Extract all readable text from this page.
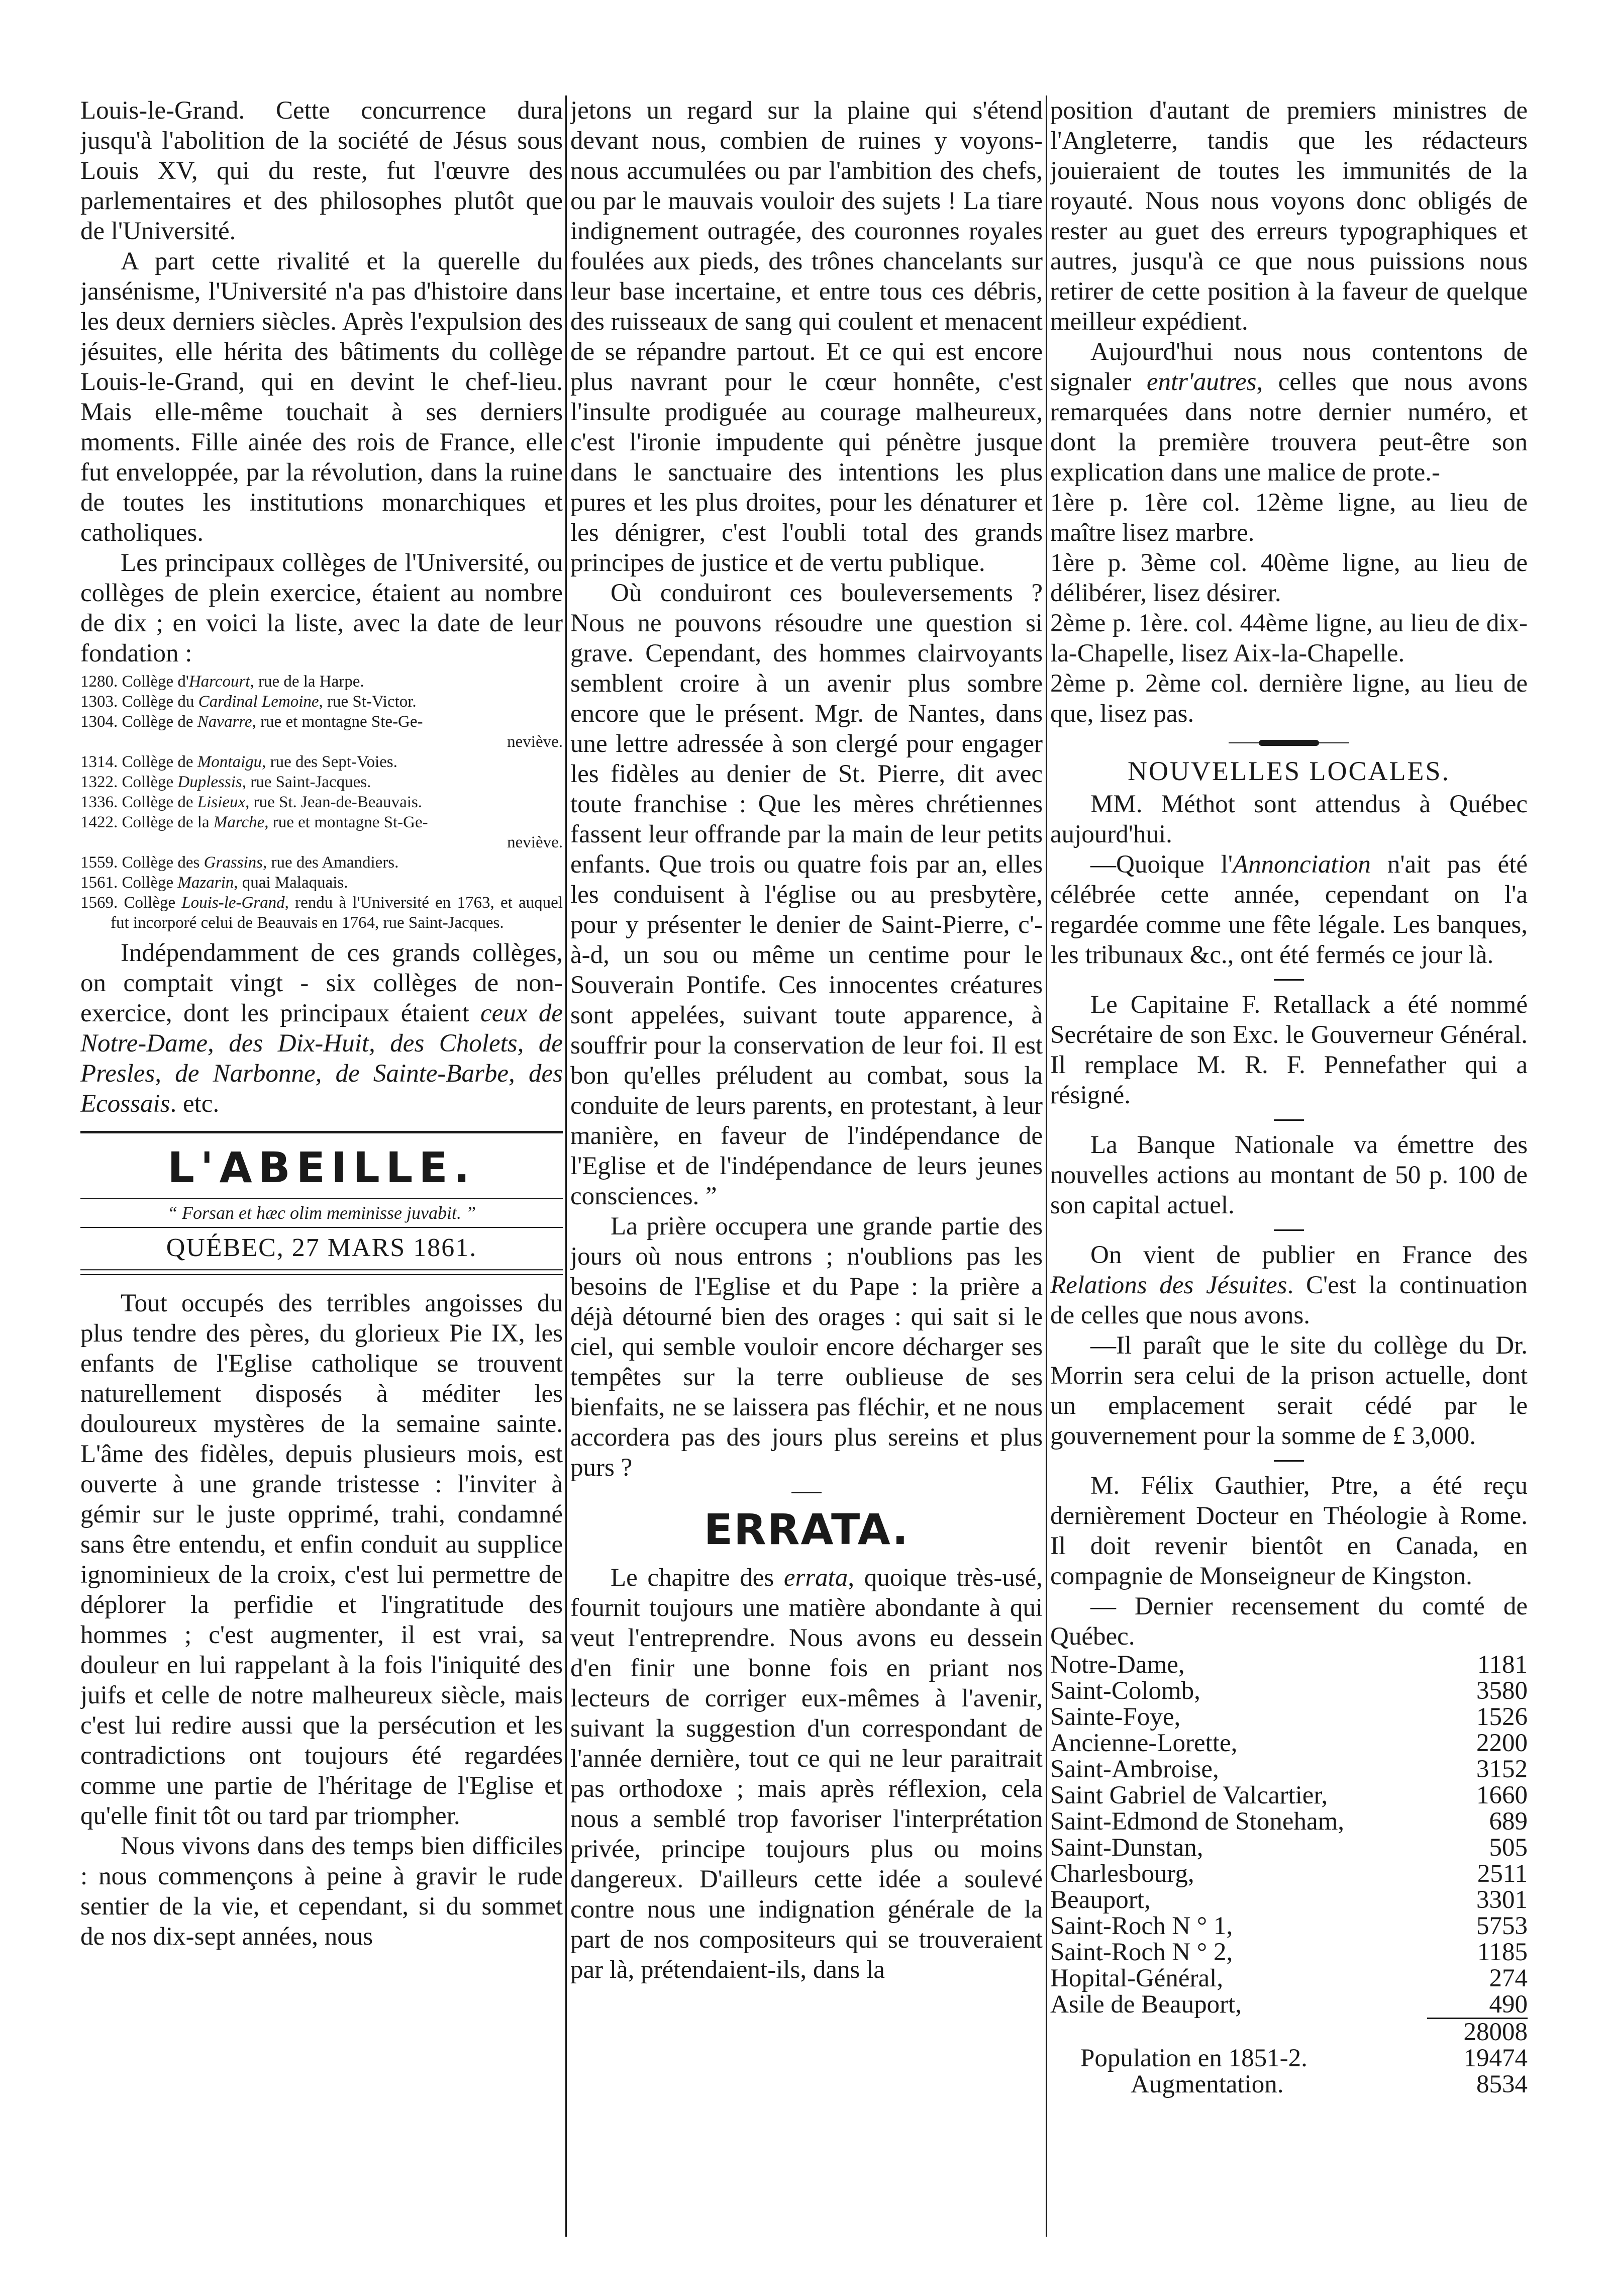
Louis-le-Grand. Cette concurrence dura jusqu'à l'abolition de la société de Jésus sous Louis XV, qui du reste, fut l'œuvre des parlementaires et des philosophes plutôt que de l'Université.

A part cette rivalité et la querelle du jansénisme, l'Université n'a pas d'histoire dans les deux derniers siècles. Après l'expulsion des jésuites, elle hérita des bâtiments du collège Louis-le-Grand, qui en devint le chef-lieu. Mais elle-même touchait à ses derniers moments. Fille ainée des rois de France, elle fut enveloppée, par la révolution, dans la ruine de toutes les institutions monarchiques et catholiques.

Les principaux collèges de l'Université, ou collèges de plein exercice, étaient au nombre de dix ; en voici la liste, avec la date de leur fondation :

1280. Collège d'Harcourt, rue de la Harpe.
1303. Collège du Cardinal Lemoine, rue St-Victor.
1304. Collège de Navarre, rue et montagne Ste-Ge-
neviève.
1314. Collège de Montaigu, rue des Sept-Voies.
1322. Collège Duplessis, rue Saint-Jacques.
1336. Collège de Lisieux, rue St. Jean-de-Beauvais.
1422. Collège de la Marche, rue et montagne St-Ge-
neviève.
1559. Collège des Grassins, rue des Amandiers.
1561. Collège Mazarin, quai Malaquais.
1569. Collège Louis-le-Grand, rendu à l'Université en 1763, et auquel fut incorporé celui de Beauvais en 1764, rue Saint-Jacques.

Indépendamment de ces grands collèges, on comptait vingt - six collèges de non-exercice, dont les principaux étaient ceux de Notre-Dame, des Dix-Huit, des Cholets, de Presles, de Narbonne, de Sainte-Barbe, des Ecossais. etc.

L'ABEILLE.
“ Forsan et hæc olim meminisse juvabit. ”
QUÉBEC, 27 MARS 1861.

Tout occupés des terribles angoisses du plus tendre des pères, du glorieux Pie IX, les enfants de l'Eglise catholique se trouvent naturellement disposés à méditer les douloureux mystères de la semaine sainte. L'âme des fidèles, depuis plusieurs mois, est ouverte à une grande tristesse : l'inviter à gémir sur le juste opprimé, trahi, condamné sans être entendu, et enfin conduit au supplice ignominieux de la croix, c'est lui permettre de déplorer la perfidie et l'ingratitude des hommes ; c'est augmenter, il est vrai, sa douleur en lui rappelant à la fois l'iniquité des juifs et celle de notre malheureux siècle, mais c'est lui redire aussi que la persécution et les contradictions ont toujours été regardées comme une partie de l'héritage de l'Eglise et qu'elle finit tôt ou tard par triompher.

Nous vivons dans des temps bien difficiles : nous commençons à peine à gravir le rude sentier de la vie, et cependant, si du sommet de nos dix-sept années, nous

jetons un regard sur la plaine qui s'étend devant nous, combien de ruines y voyons-nous accumulées ou par l'ambition des chefs, ou par le mauvais vouloir des sujets ! La tiare indignement outragée, des couronnes royales foulées aux pieds, des trônes chancelants sur leur base incertaine, et entre tous ces débris, des ruisseaux de sang qui coulent et menacent de se répandre partout. Et ce qui est encore plus navrant pour le cœur honnête, c'est l'insulte prodiguée au courage malheureux, c'est l'ironie impudente qui pénètre jusque dans le sanctuaire des intentions les plus pures et les plus droites, pour les dénaturer et les dénigrer, c'est l'oubli total des grands principes de justice et de vertu publique.

Où conduiront ces bouleversements ? Nous ne pouvons résoudre une question si grave. Cependant, des hommes clairvoyants semblent croire à un avenir plus sombre encore que le présent. Mgr. de Nantes, dans une lettre adressée à son clergé pour engager les fidèles au denier de St. Pierre, dit avec toute franchise : Que les mères chrétiennes fassent leur offrande par la main de leur petits enfants. Que trois ou quatre fois par an, elles les conduisent à l'église ou au presbytère, pour y présenter le denier de Saint-Pierre, c'-à-d, un sou ou même un centime pour le Souverain Pontife. Ces innocentes créatures sont appelées, suivant toute apparence, à souffrir pour la conservation de leur foi. Il est bon qu'elles préludent au combat, sous la conduite de leurs parents, en protestant, à leur manière, en faveur de l'indépendance de l'Eglise et de l'indépendance de leurs jeunes consciences. ”

La prière occupera une grande partie des jours où nous entrons ; n'oublions pas les besoins de l'Eglise et du Pape : la prière a déjà détourné bien des orages : qui sait si le ciel, qui semble vouloir encore décharger ses tempêtes sur la terre oublieuse de ses bienfaits, ne se laissera pas fléchir, et ne nous accordera pas des jours plus sereins et plus purs ?

ERRATA.

Le chapitre des errata, quoique très-usé, fournit toujours une matière abondante à qui veut l'entreprendre. Nous avons eu dessein d'en finir une bonne fois en priant nos lecteurs de corriger eux-mêmes à l'avenir, suivant la suggestion d'un correspondant de l'année dernière, tout ce qui ne leur paraitrait pas orthodoxe ; mais après réflexion, cela nous a semblé trop favoriser l'interprétation privée, principe toujours plus ou moins dangereux. D'ailleurs cette idée a soulevé contre nous une indignation générale de la part de nos compositeurs qui se trouveraient par là, prétendaient-ils, dans la

position d'autant de premiers ministres de l'Angleterre, tandis que les rédacteurs jouieraient de toutes les immunités de la royauté. Nous nous voyons donc obligés de rester au guet des erreurs typographiques et autres, jusqu'à ce que nous puissions nous retirer de cette position à la faveur de quelque meilleur expédient.

Aujourd'hui nous nous contentons de signaler entr'autres, celles que nous avons remarquées dans notre dernier numéro, et dont la première trouvera peut-être son explication dans une malice de prote.-

1ère p. 1ère col. 12ème ligne, au lieu de maître lisez marbre.

1ère p. 3ème col. 40ème ligne, au lieu de délibérer, lisez désirer.

2ème p. 1ère. col. 44ème ligne, au lieu de dix-la-Chapelle, lisez Aix-la-Chapelle.

2ème p. 2ème col. dernière ligne, au lieu de que, lisez pas.

NOUVELLES LOCALES.

MM. Méthot sont attendus à Québec aujourd'hui.

—Quoique l'Annonciation n'ait pas été célébrée cette année, cependant on l'a regardée comme une fête légale. Les banques, les tribunaux &c., ont été fermés ce jour là.

Le Capitaine F. Retallack a été nommé Secrétaire de son Exc. le Gouverneur Général. Il remplace M. R. F. Pennefather qui a résigné.

La Banque Nationale va émettre des nouvelles actions au montant de 50 p. 100 de son capital actuel.

On vient de publier en France des Relations des Jésuites. C'est la continuation de celles que nous avons.

—Il paraît que le site du collège du Dr. Morrin sera celui de la prison actuelle, dont un emplacement serait cédé par le gouvernement pour la somme de £ 3,000.

M. Félix Gauthier, Ptre, a été reçu dernièrement Docteur en Théologie à Rome. Il doit revenir bientôt en Canada, en compagnie de Monseigneur de Kingston.

— Dernier recensement du comté de Québec.

Notre-Dame,	1181
Saint-Colomb,	3580
Sainte-Foye,	1526
Ancienne-Lorette,	2200
Saint-Ambroise,	3152
Saint Gabriel de Valcartier,	1660
Saint-Edmond de Stoneham,	689
Saint-Dunstan,	505
Charlesbourg,	2511
Beauport,	3301
Saint-Roch N ° 1,	5753
Saint-Roch N ° 2,	1185
Hopital-Général,	274
Asile de Beauport,	490
	28008
Population en 1851-2.	19474
Augmentation.	8534
